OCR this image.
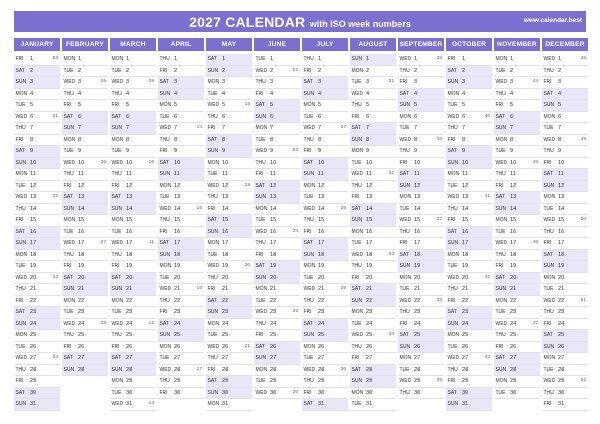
2027 CALENDAR with ISO week numbers	www.calendar.best
JANUARY
FRI 1	53
SAT 2
SUN 3
MON 4
TUE 5
WED 6	01
THU 7
FRI 8
SAT 9
SUN 10
MON 11
TUE 12
WED 13	02
THU 14
FRI 15
SAT 16
SUN 17
MON 18
TUE 19
WED 20	03
THU 21
FRI 22
SAT 23
SUN 24
MON 25
TUE 26
WED 27	04
THU 28
FRI 29
SAT 30
SUN 31
FEBRUARY
MON 1
TUE 2
WED 3	05
THU 4
FRI 5
SAT 6
SUN 7
MON 8
TUE 9
WED 10	06
THU 11
FRI 12
SAT 13
SUN 14
MON 15
TUE 16
WED 17	07
THU 18
FRI 19
SAT 20
SUN 21
MON 22
TUE 23
WED 24	08
THU 25
FRI 26
SAT 27
SUN 28
MARCH
MON 1
TUE 2
WED 3	09
THU 4
FRI 5
SAT 6
SUN 7
MON 8
TUE 9
WED 10	10
THU 11
FRI 12
SAT 13
SUN 14
MON 15
TUE 16
WED 17	11
THU 18
FRI 19
SAT 20
SUN 21
MON 22
TUE 23
WED 24	12
THU 25
FRI 26
SAT 27
SUN 28
MON 29
TUE 30
WED 31	13
APRIL
THU 1
FRI 2
SAT 3
SUN 4
MON 5
TUE 6
WED 7	14
THU 8
FRI 9
SAT 10
SUN 11
MON 12
TUE 13
WED 14	15
THU 15
FRI 16
SAT 17
SUN 18
MON 19
TUE 20
WED 21	16
THU 22
FRI 23
SAT 24
SUN 25
MON 26
TUE 27
WED 28	17
THU 29
FRI 30
MAY
SAT 1
SUN 2
MON 3
TUE 4
WED 5	18
THU 6
FRI 7
SAT 8
SUN 9
MON 10
TUE 11
WED 12	19
THU 13
FRI 14
SAT 15
SUN 16
MON 17
TUE 18
WED 19	20
THU 20
FRI 21
SAT 22
SUN 23
MON 24
TUE 25
WED 26	21
THU 27
FRI 28
SAT 29
SUN 30
MON 31
JUNE
TUE 1
WED 2	22
THU 3
FRI 4
SAT 5
SUN 6
MON 7
TUE 8
WED 9	23
THU 10
FRI 11
SAT 12
SUN 13
MON 14
TUE 15
WED 16	24
THU 17
FRI 18
SAT 19
SUN 20
MON 21
TUE 22
WED 23	25
THU 24
FRI 25
SAT 26
SUN 27
MON 28
TUE 29
WED 30	26
JULY
THU 1
FRI 2
SAT 3
SUN 4
MON 5
TUE 6
WED 7	27
THU 8
FRI 9
SAT 10
SUN 11
MON 12
TUE 13
WED 14	28
THU 15
FRI 16
SAT 17
SUN 18
MON 19
TUE 20
WED 21	29
THU 22
FRI 23
SAT 24
SUN 25
MON 26
TUE 27
WED 28	30
THU 29
FRI 30
SAT 31
AUGUST
SUN 1
MON 2
TUE 3	31
WED 4
THU 5
FRI 6
SAT 7
SUN 8
MON 9
TUE 10
WED 11	32
THU 12
FRI 13
SAT 14
SUN 15
MON 16
TUE 17
WED 18	33
THU 19
FRI 20
SAT 21
SUN 22
MON 23
TUE 24
WED 25	34
THU 26
FRI 27
SAT 28
SUN 29
MON 30
TUE 31
SEPTEMBER
WED 1	35
THU 2
FRI 3
SAT 4
SUN 5
MON 6
TUE 7
WED 8	36
THU 9
FRI 10
SAT 11
SUN 12
MON 13
TUE 14
WED 15	37
THU 16
FRI 17
SAT 18
SUN 19
MON 20
TUE 21
WED 22	38
THU 23
FRI 24
SAT 25
SUN 26
MON 27
TUE 28
WED 29	39
THU 30
OCTOBER
FRI 1
SAT 2
SUN 3
MON 4
TUE 5
WED 6	40
THU 7
FRI 8
SAT 9
SUN 10
MON 11
TUE 12
WED 13	41
THU 14
FRI 15
SAT 16
SUN 17
MON 18
TUE 19
WED 20	42
THU 21
FRI 22
SAT 23
SUN 24
MON 25
TUE 26
WED 27	43
THU 28
FRI 29
SAT 30
SUN 31
NOVEMBER
MON 1
TUE 2
WED 3	44
THU 4
FRI 5
SAT 6
SUN 7
MON 8
TUE 9
WED 10	45
THU 11
FRI 12
SAT 13
SUN 14
MON 15
TUE 16
WED 17	46
THU 18
FRI 19
SAT 20
SUN 21
MON 22
TUE 23
WED 24	47
THU 25
FRI 26
SAT 27
SUN 28
MON 29
TUE 30
DECEMBER
WED 1	48
THU 2
FRI 3
SAT 4
SUN 5
MON 6
TUE 7
WED 8	49
THU 9
FRI 10
SAT 11
SUN 12
MON 13
TUE 14
WED 15	50
THU 16
FRI 17
SAT 18
SUN 19
MON 20
TUE 21
WED 22	51
THU 23
FRI 24
SAT 25
SUN 26
MON 27
TUE 28
WED 29	52
THU 30
FRI 31
